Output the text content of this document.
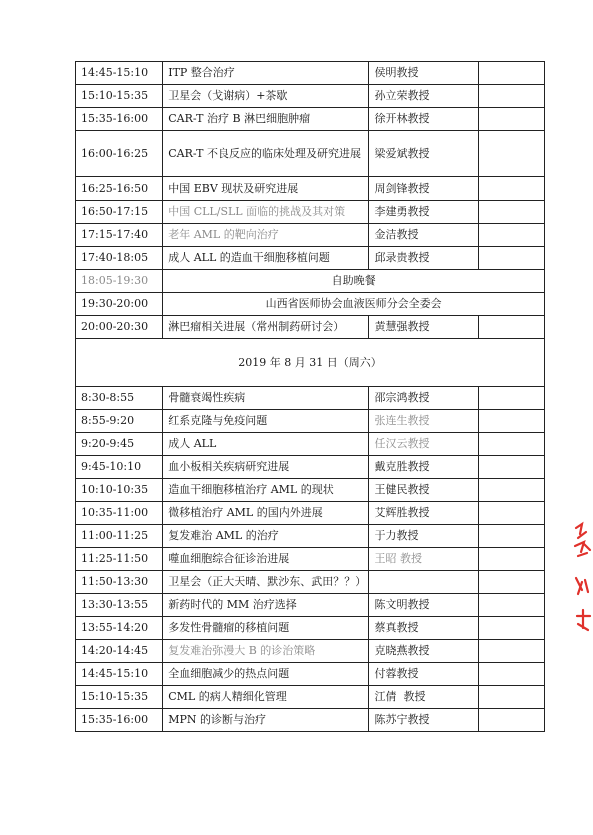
14:45-15:10	ITP 整合治疗	侯明教授	
15:10-15:35	卫星会（戈谢病）+茶歇	孙立荣教授	
15:35-16:00	CAR-T 治疗 B 淋巴细胞肿瘤	徐开林教授	
16:00-16:25	CAR-T 不良反应的临床处理及研究进展	梁爱斌教授	
16:25-16:50	中国 EBV 现状及研究进展	周剑锋教授	
16:50-17:15	中国 CLL/SLL 面临的挑战及其对策	李建勇教授	
17:15-17:40	老年 AML 的靶向治疗	金洁教授	
17:40-18:05	成人 ALL 的造血干细胞移植问题	邱录贵教授	
18:05-19:30	自助晚餐		
19:30-20:00	山西省医师协会血液医师分会全委会		
20:00-20:30	淋巴瘤相关进展（常州制药研讨会）	黄慧强教授	
2019 年 8 月 31 日（周六）			
8:30-8:55	骨髓衰竭性疾病	邵宗鸿教授	
8:55-9:20	红系克隆与免疫问题	张连生教授	
9:20-9:45	成人 ALL	任汉云教授	
9:45-10:10	血小板相关疾病研究进展	戴克胜教授	
10:10-10:35	造血干细胞移植治疗 AML 的现状	王健民教授	
10:35-11:00	微移植治疗 AML 的国内外进展	艾辉胜教授	
11:00-11:25	复发难治 AML 的治疗	于力教授	
11:25-11:50	噬血细胞综合征诊治进展	王昭 教授	
11:50-13:30	卫星会（正大天晴、默沙东、武田？？）		
13:30-13:55	新药时代的 MM 治疗选择	陈文明教授	
13:55-14:20	多发性骨髓瘤的移植问题	蔡真教授	
14:20-14:45	复发难治弥漫大 B 的诊治策略	克晓燕教授	
14:45-15:10	全血细胞减少的热点问题	付蓉教授	
15:10-15:35	CML 的病人精细化管理	江倩  教授	
15:35-16:00	MPN 的诊断与治疗	陈苏宁教授	
